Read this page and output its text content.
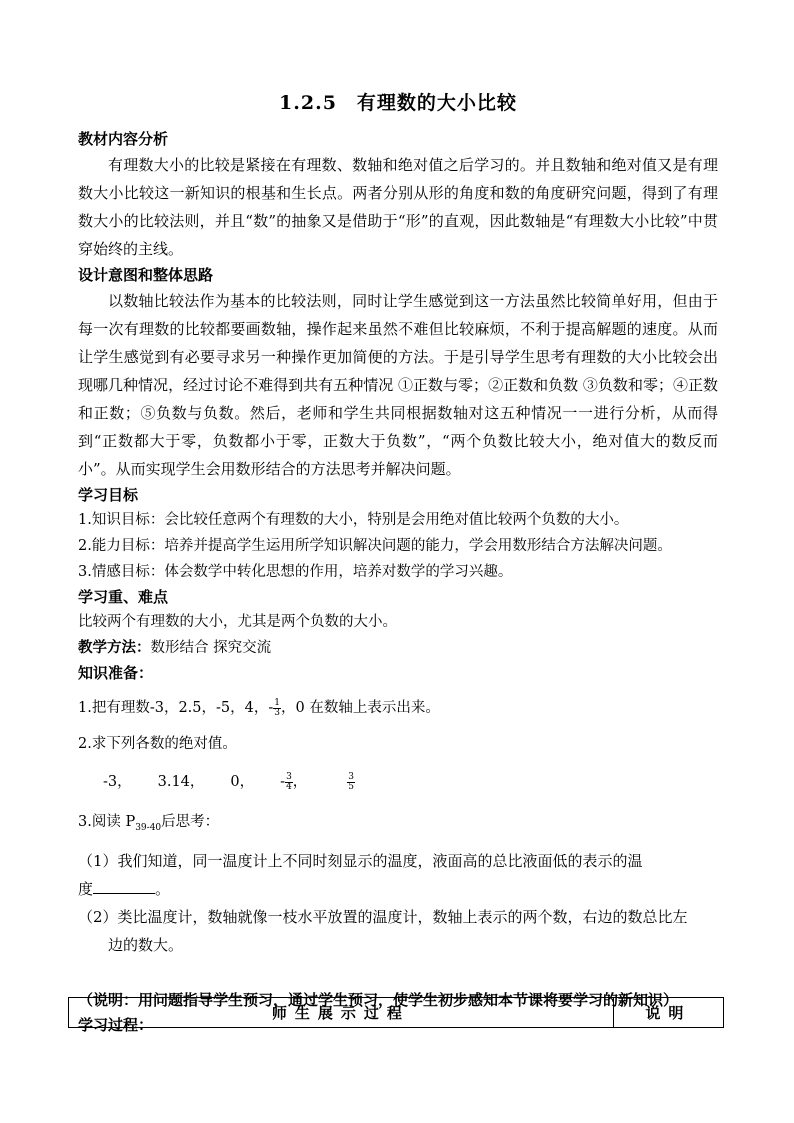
1.2.5　有理数的大小比较

教材内容分析

有理数大小的比较是紧接在有理数、数轴和绝对值之后学习的。并且数轴和绝对值又是有理数大小比较这一新知识的根基和生长点。两者分别从形的角度和数的角度研究问题，得到了有理数大小的比较法则，并且“数”的抽象又是借助于“形”的直观，因此数轴是“有理数大小比较”中贯穿始终的主线。

设计意图和整体思路

以数轴比较法作为基本的比较法则，同时让学生感觉到这一方法虽然比较简单好用，但由于每一次有理数的比较都要画数轴，操作起来虽然不难但比较麻烦，不利于提高解题的速度。从而让学生感觉到有必要寻求另一种操作更加简便的方法。于是引导学生思考有理数的大小比较会出现哪几种情况，经过讨论不难得到共有五种情况 ①正数与零；②正数和负数 ③负数和零；④正数和正数；⑤负数与负数。然后，老师和学生共同根据数轴对这五种情况一一进行分析，从而得到“正数都大于零，负数都小于零，正数大于负数”，“两个负数比较大小，绝对值大的数反而小”。从而实现学生会用数形结合的方法思考并解决问题。

学习目标

1.知识目标：会比较任意两个有理数的大小，特别是会用绝对值比较两个负数的大小。

2.能力目标：培养并提高学生运用所学知识解决问题的能力，学会用数形结合方法解决问题。

3.情感目标：体会数学中转化思想的作用，培养对数学的学习兴趣。

学习重、难点

比较两个有理数的大小，尤其是两个负数的大小。

教学方法：数形结合 探究交流

知识准备：

1.把有理数-3，2.5，-5，4，- $\frac{1}{3}$ ，0 在数轴上表示出来。

2.求下列各数的绝对值。

-3， 3.14， 0， - $\frac{3}{4}$ ，	$\frac{3}{5}$

3.阅读 $P_{39-40}$后思考：

（1）我们知道，同一温度计上不同时刻显示的温度，液面高的总比液面低的表示的温
度	。

（2）类比温度计，数轴就像一枝水平放置的温度计，数轴上表示的两个数，右边的数总比左
边的数大。

（说明：用问题指导学生预习，通过学生预习，使学生初步感知本节课将要学习的新知识）

学习过程：

师生展示过程	说明
